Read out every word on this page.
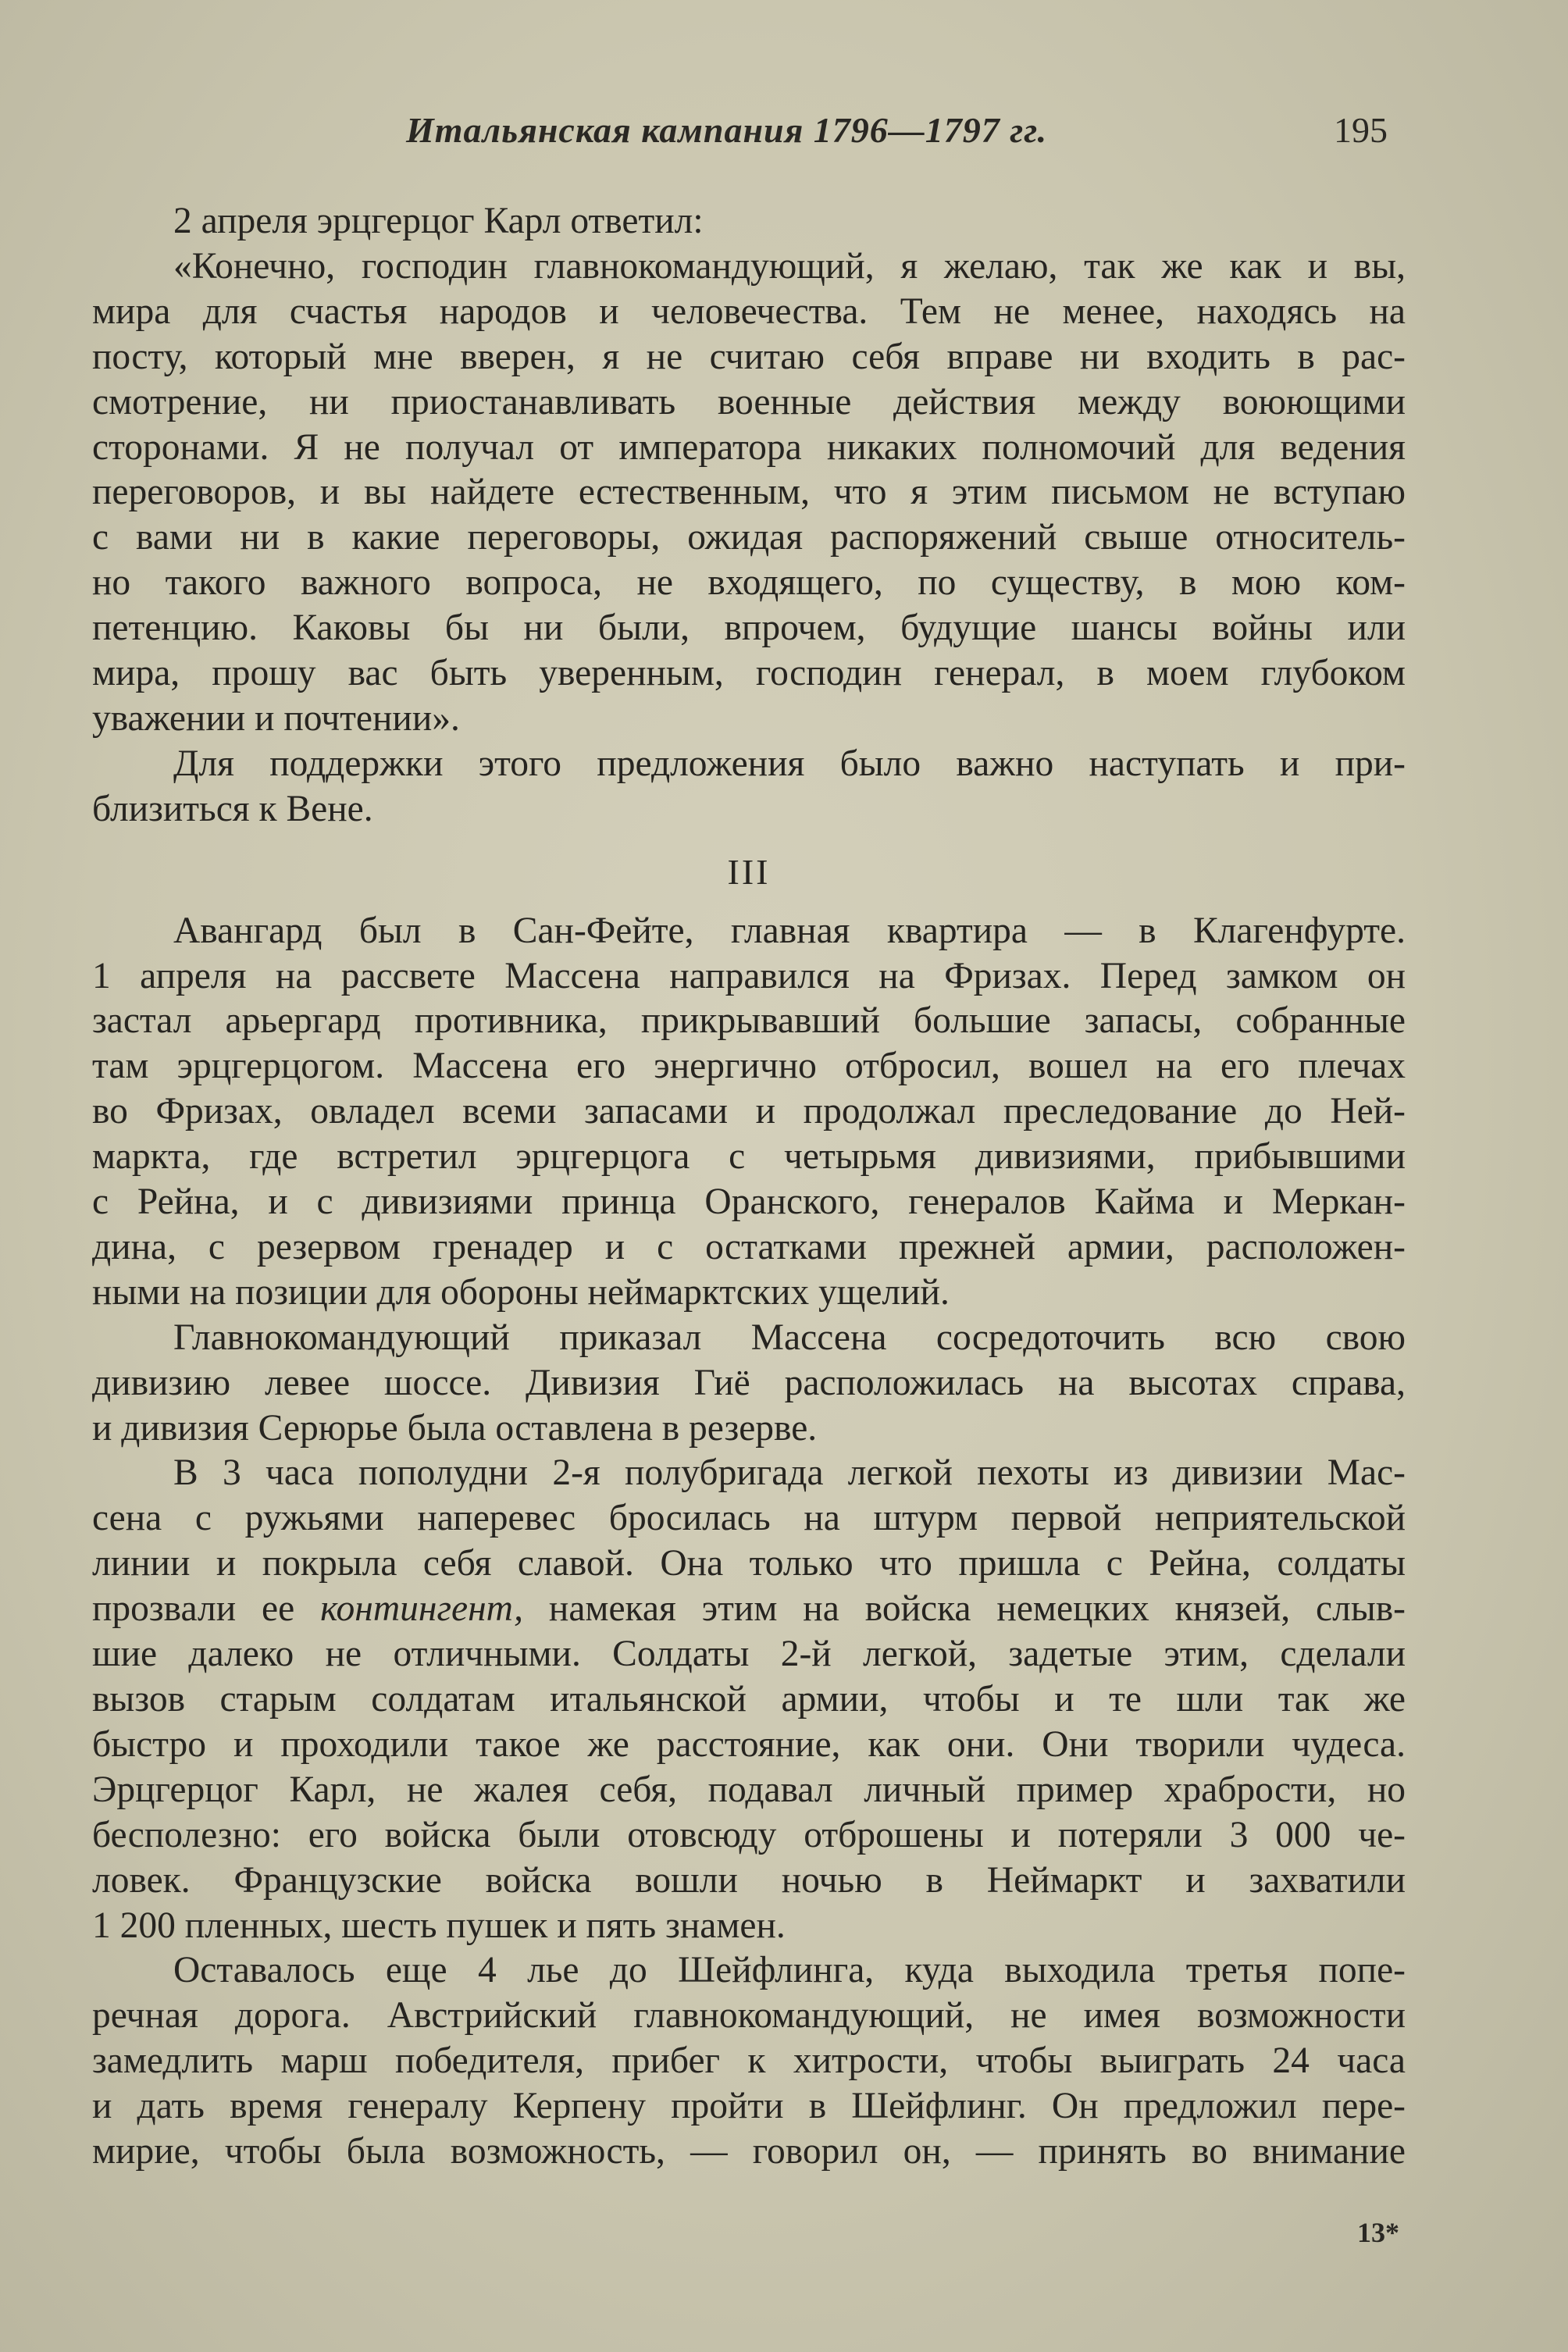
Итальянская кампания 1796—1797 гг.	195
2 апреля эрцгерцог Карл ответил:
«Конечно, господин главнокомандующий, я желаю, так же как и вы,
мира для счастья народов и человечества. Тем не менее, находясь на
посту, который мне вверен, я не считаю себя вправе ни входить в рас-
смотрение, ни приостанавливать военные действия между воюющими
сторонами. Я не получал от императора никаких полномочий для ведения
переговоров, и вы найдете естественным, что я этим письмом не вступаю
с вами ни в какие переговоры, ожидая распоряжений свыше относитель-
но такого важного вопроса, не входящего, по существу, в мою ком-
петенцию. Каковы бы ни были, впрочем, будущие шансы войны или
мира, прошу вас быть уверенным, господин генерал, в моем глубоком
уважении и почтении».
Для поддержки этого предложения было важно наступать и при-
близиться к Вене.
III
Авангард был в Сан-Фейте, главная квартира — в Клагенфурте.
1 апреля на рассвете Массена направился на Фризах. Перед замком он
застал арьергард противника, прикрывавший большие запасы, собранные
там эрцгерцогом. Массена его энергично отбросил, вошел на его плечах
во Фризах, овладел всеми запасами и продолжал преследование до Ней-
маркта, где встретил эрцгерцога с четырьмя дивизиями, прибывшими
с Рейна, и с дивизиями принца Оранского, генералов Кайма и Меркан-
дина, с резервом гренадер и с остатками прежней армии, расположен-
ными на позиции для обороны неймарктских ущелий.
Главнокомандующий приказал Массена сосредоточить всю свою
дивизию левее шоссе. Дивизия Гиё расположилась на высотах справа,
и дивизия Серюрье была оставлена в резерве.
В 3 часа пополудни 2-я полубригада легкой пехоты из дивизии Мас-
сена с ружьями наперевес бросилась на штурм первой неприятельской
линии и покрыла себя славой. Она только что пришла с Рейна, солдаты
прозвали ее контингент, намекая этим на войска немецких князей, слыв-
шие далеко не отличными. Солдаты 2-й легкой, задетые этим, сделали
вызов старым солдатам итальянской армии, чтобы и те шли так же
быстро и проходили такое же расстояние, как они. Они творили чудеса.
Эрцгерцог Карл, не жалея себя, подавал личный пример храбрости, но
бесполезно: его войска были отовсюду отброшены и потеряли 3 000 че-
ловек. Французские войска вошли ночью в Неймаркт и захватили
1 200 пленных, шесть пушек и пять знамен.
Оставалось еще 4 лье до Шейфлинга, куда выходила третья попе-
речная дорога. Австрийский главнокомандующий, не имея возможности
замедлить марш победителя, прибег к хитрости, чтобы выиграть 24 часа
и дать время генералу Керпену пройти в Шейфлинг. Он предложил пере-
мирие, чтобы была возможность, — говорил он, — принять во внимание
13*
